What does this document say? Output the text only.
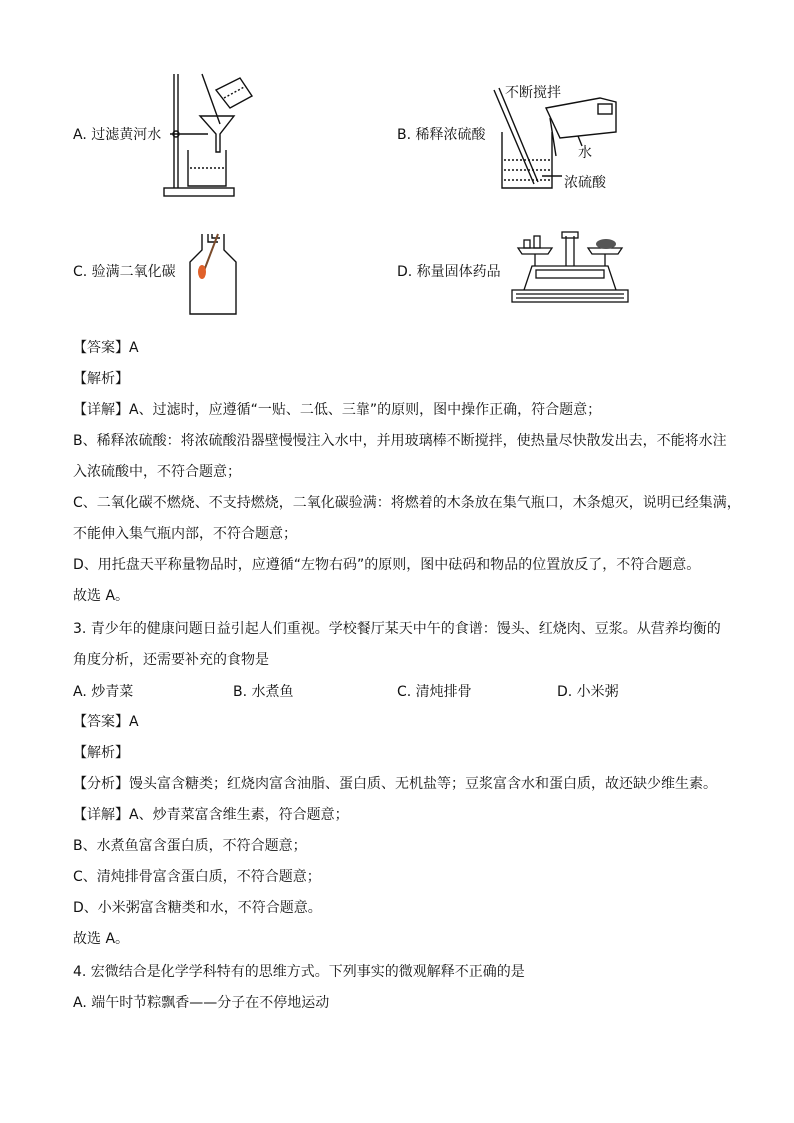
A. 过滤黄河水	B. 稀释浓硫酸
不断搅拌
水
浓硫酸
C. 验满二氧化碳	D. 称量固体药品
【答案】A
【解析】
【详解】A、过滤时，应遵循“一贴、二低、三靠”的原则，图中操作正确，符合题意；
B、稀释浓硫酸：将浓硫酸沿器壁慢慢注入水中，并用玻璃棒不断搅拌，使热量尽快散发出去，不能将水注
入浓硫酸中，不符合题意；
C、二氧化碳不燃烧、不支持燃烧，二氧化碳验满：将燃着的木条放在集气瓶口，木条熄灭，说明已经集满，
不能伸入集气瓶内部，不符合题意；
D、用托盘天平称量物品时，应遵循“左物右码”的原则，图中砝码和物品的位置放反了，不符合题意。
故选 A。
3. 青少年的健康问题日益引起人们重视。学校餐厅某天中午的食谱：馒头、红烧肉、豆浆。从营养均衡的
角度分析，还需要补充的食物是
A. 炒青菜	B. 水煮鱼	C. 清炖排骨	D. 小米粥
【答案】A
【解析】
【分析】馒头富含糖类；红烧肉富含油脂、蛋白质、无机盐等；豆浆富含水和蛋白质，故还缺少维生素。
【详解】A、炒青菜富含维生素，符合题意；
B、水煮鱼富含蛋白质，不符合题意；
C、清炖排骨富含蛋白质，不符合题意；
D、小米粥富含糖类和水，不符合题意。
故选 A。
4. 宏微结合是化学学科特有的思维方式。下列事实的微观解释不正确的是
A. 端午时节粽飘香——分子在不停地运动
